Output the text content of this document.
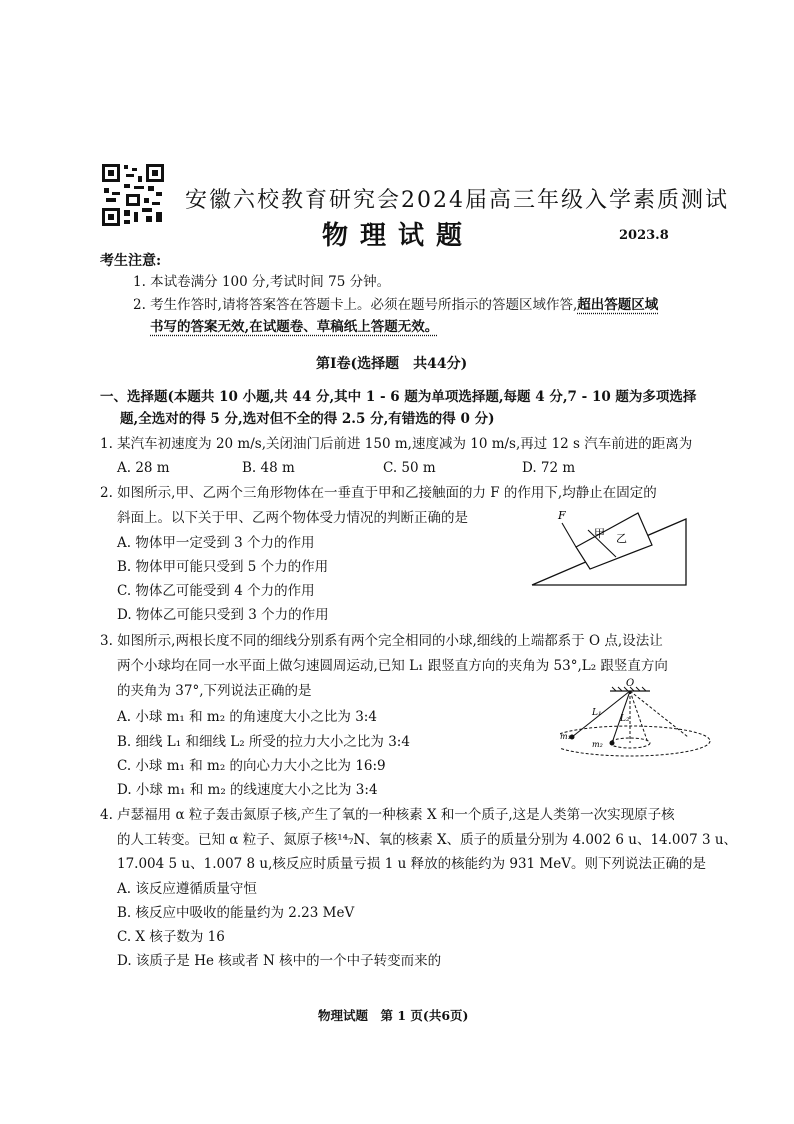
安徽六校教育研究会2024届高三年级入学素质测试
物理试题	2023.8
考生注意:
1. 本试卷满分 100 分,考试时间 75 分钟。
2. 考生作答时,请将答案答在答题卡上。必须在题号所指示的答题区域作答,超出答题区域
书写的答案无效,在试题卷、草稿纸上答题无效。
第Ⅰ卷(选择题　共44分)
一、选择题(本题共 10 小题,共 44 分,其中 1 - 6 题为单项选择题,每题 4 分,7 - 10 题为多项选择
题,全选对的得 5 分,选对但不全的得 2.5 分,有错选的得 0 分)
1. 某汽车初速度为 20 m/s,关闭油门后前进 150 m,速度减为 10 m/s,再过 12 s 汽车前进的距离为
A. 28 m	B. 48 m	C. 50 m	D. 72 m
2. 如图所示,甲、乙两个三角形物体在一垂直于甲和乙接触面的力 F 的作用下,均静止在固定的
斜面上。以下关于甲、乙两个物体受力情况的判断正确的是
A. 物体甲一定受到 3 个力的作用
B. 物体甲可能只受到 5 个力的作用
C. 物体乙可能受到 4 个力的作用
D. 物体乙可能只受到 3 个力的作用
F
甲 乙
3. 如图所示,两根长度不同的细线分别系有两个完全相同的小球,细线的上端都系于 O 点,设法让
两个小球均在同一水平面上做匀速圆周运动,已知 L₁ 跟竖直方向的夹角为 53°,L₂ 跟竖直方向
的夹角为 37°,下列说法正确的是
A. 小球 m₁ 和 m₂ 的角速度大小之比为 3:4
B. 细线 L₁ 和细线 L₂ 所受的拉力大小之比为 3:4
C. 小球 m₁ 和 m₂ 的向心力大小之比为 16:9
D. 小球 m₁ 和 m₂ 的线速度大小之比为 3:4
O
L₁
L₂
m₁
m₂
4. 卢瑟福用 α 粒子轰击氮原子核,产生了氧的一种核素 X 和一个质子,这是人类第一次实现原子核
的人工转变。已知 α 粒子、氮原子核¹⁴₇N、氧的核素 X、质子的质量分别为 4.002 6 u、14.007 3 u、
17.004 5 u、1.007 8 u,核反应时质量亏损 1 u 释放的核能约为 931 MeV。则下列说法正确的是
A. 该反应遵循质量守恒
B. 核反应中吸收的能量约为 2.23 MeV
C. X 核子数为 16
D. 该质子是 He 核或者 N 核中的一个中子转变而来的
物理试题　第 1 页(共6页)
